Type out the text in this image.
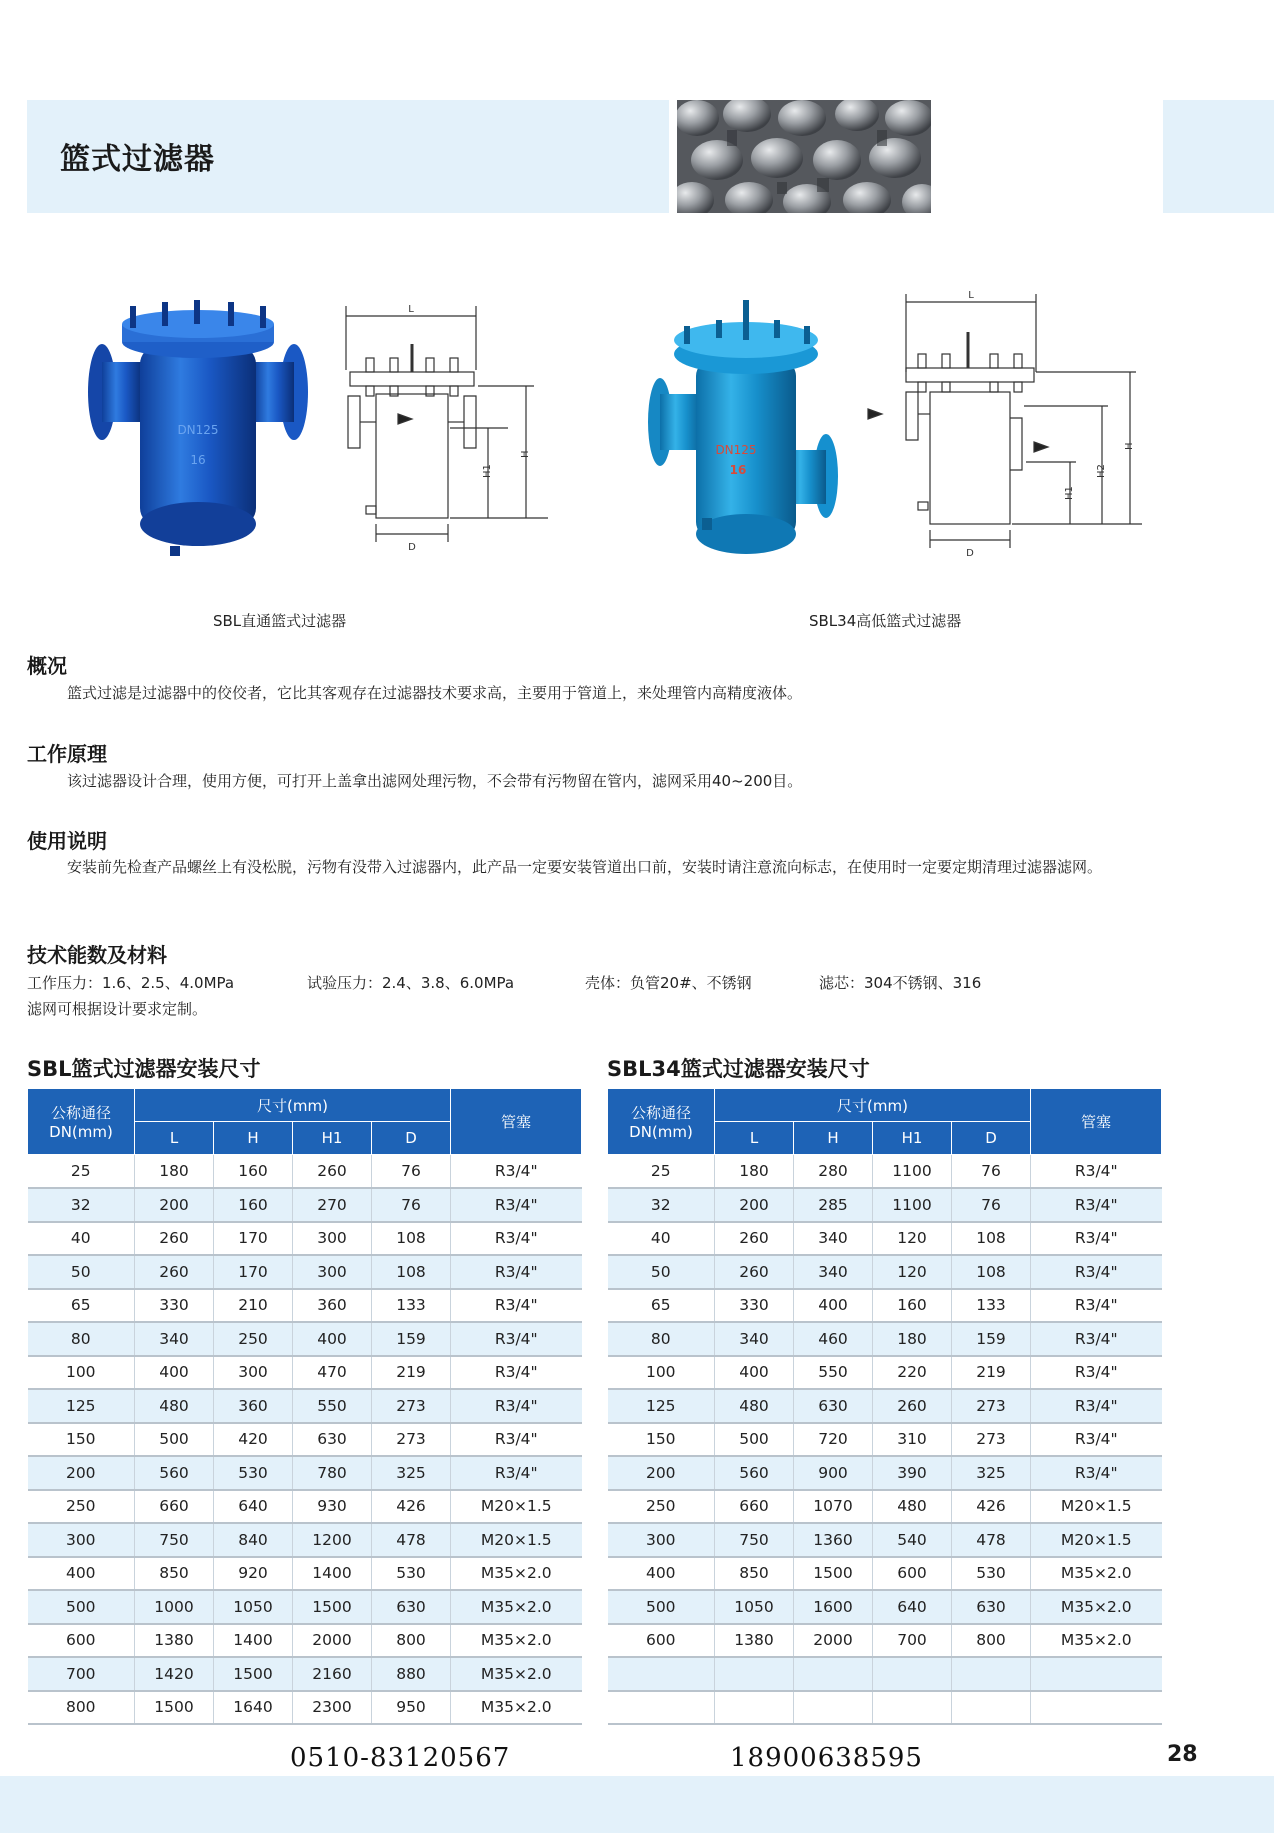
篮式过滤器
DN125
16
L
D
H1
H
SBL直通篮式过滤器
DN125
16
L
D
H1
H2
H
SBL34高低篮式过滤器
概况
篮式过滤是过滤器中的佼佼者，它比其客观存在过滤器技术要求高，主要用于管道上，来处理管内高精度液体。
工作原理
该过滤器设计合理，使用方便，可打开上盖拿出滤网处理污物，不会带有污物留在管内，滤网采用40~200目。
使用说明
安装前先检查产品螺丝上有没松脱，污物有没带入过滤器内，此产品一定要安装管道出口前，安装时请注意流向标志，在使用时一定要定期清理过滤器滤网。
技术能数及材料
工作压力：1.6、2.5、4.0MPa	试验压力：2.4、3.8、6.0MPa	壳体：负管20#、不锈钢	滤芯：304不锈钢、316
滤网可根据设计要求定制。
SBL篮式过滤器安装尺寸	SBL34篮式过滤器安装尺寸
公称通径DN(mm)	尺寸(mm)				管塞
	L	H	H1	D	
25	180	160	260	76	R3/4"
32	200	160	270	76	R3/4"
40	260	170	300	108	R3/4"
50	260	170	300	108	R3/4"
65	330	210	360	133	R3/4"
80	340	250	400	159	R3/4"
100	400	300	470	219	R3/4"
125	480	360	550	273	R3/4"
150	500	420	630	273	R3/4"
200	560	530	780	325	R3/4"
250	660	640	930	426	M20×1.5
300	750	840	1200	478	M20×1.5
400	850	920	1400	530	M35×2.0
500	1000	1050	1500	630	M35×2.0
600	1380	1400	2000	800	M35×2.0
700	1420	1500	2160	880	M35×2.0
800	1500	1640	2300	950	M35×2.0
公称通径DN(mm)	尺寸(mm)				管塞
	L	H	H1	D	
25	180	280	1100	76	R3/4"
32	200	285	1100	76	R3/4"
40	260	340	120	108	R3/4"
50	260	340	120	108	R3/4"
65	330	400	160	133	R3/4"
80	340	460	180	159	R3/4"
100	400	550	220	219	R3/4"
125	480	630	260	273	R3/4"
150	500	720	310	273	R3/4"
200	560	900	390	325	R3/4"
250	660	1070	480	426	M20×1.5
300	750	1360	540	478	M20×1.5
400	850	1500	600	530	M35×2.0
500	1050	1600	640	630	M35×2.0
600	1380	2000	700	800	M35×2.0

0510-83120567	18900638595	28
